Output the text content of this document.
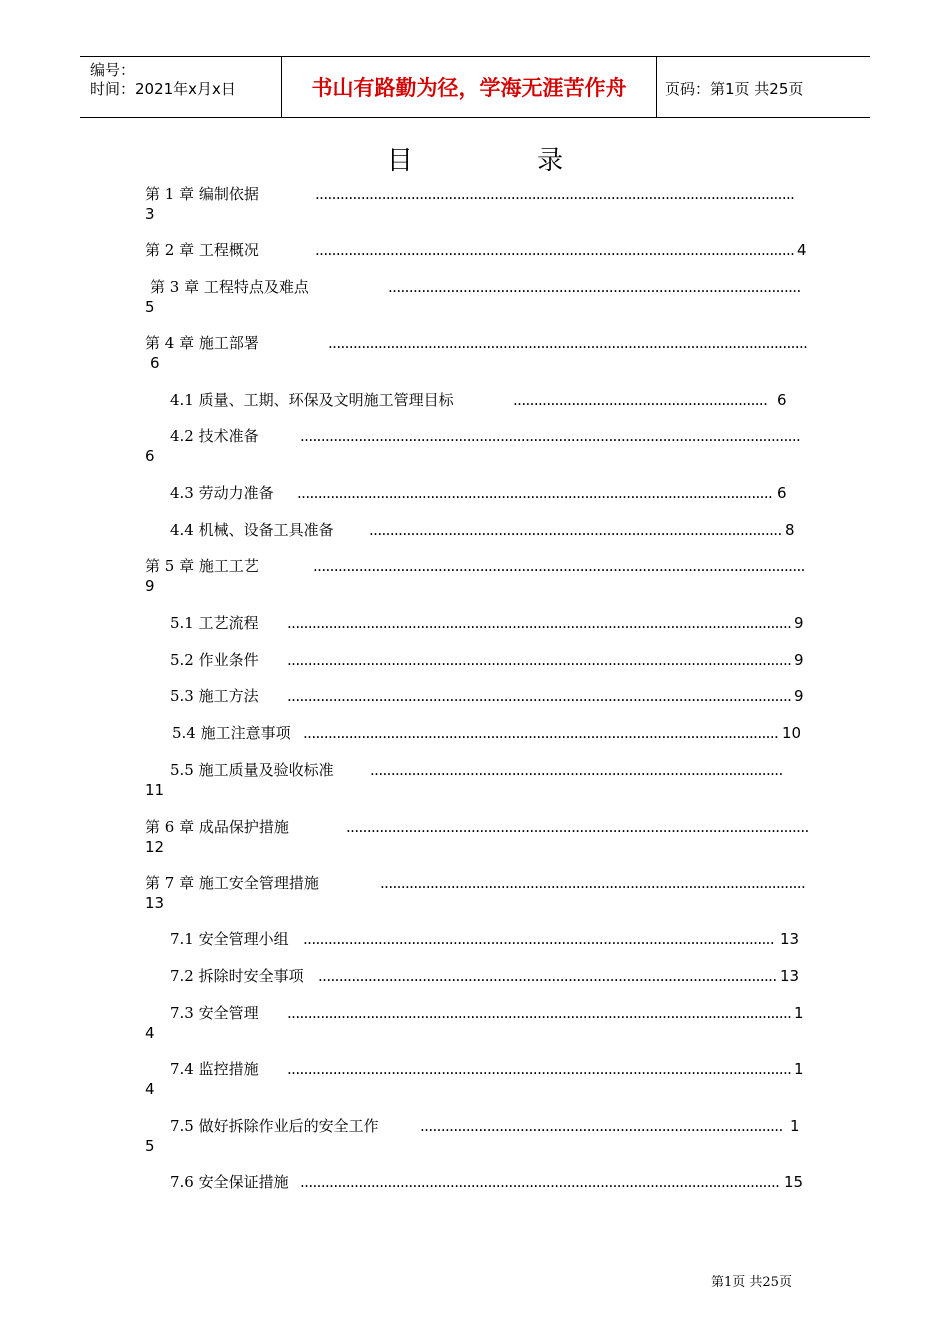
编号：
时间：2021年x月x日	书山有路勤为径，学海无涯苦作舟	页码：第1页 共25页
目 录
第 1 章 编制依据	...................................................................................................................
3
第 2 章 工程概况	................................................................................................................... 4
第 3 章 工程特点及难点	...................................................................................................
5
第 4 章 施工部署	...................................................................................................................
6
4.1 质量、工期、环保及文明施工管理目标	............................................................. 6
4.2 技术准备	........................................................................................................................
6
4.3 劳动力准备 .................................................................................................................. 6
4.4 机械、设备工具准备 ................................................................................................... 8
第 5 章 施工工艺	......................................................................................................................
9
5.1 工艺流程 ......................................................................................................................... 9
5.2 作业条件 ......................................................................................................................... 9
5.3 施工方法 ......................................................................................................................... 9
5.4 施工注意事项 .................................................................................................................. 10
5.5 施工质量及验收标准 ...................................................................................................
11
第 6 章 成品保护措施	...............................................................................................................
12
第 7 章 施工安全管理措施	......................................................................................................
13
7.1 安全管理小组 ................................................................................................................. 13
7.2 拆除时安全事项 .............................................................................................................. 13
7.3 安全管理 ......................................................................................................................... 1
4
7.4 监控措施 ......................................................................................................................... 1
4
7.5 做好拆除作业后的安全工作	....................................................................................... 1
5
7.6 安全保证措施 ................................................................................................................... 15
第1页 共25页
